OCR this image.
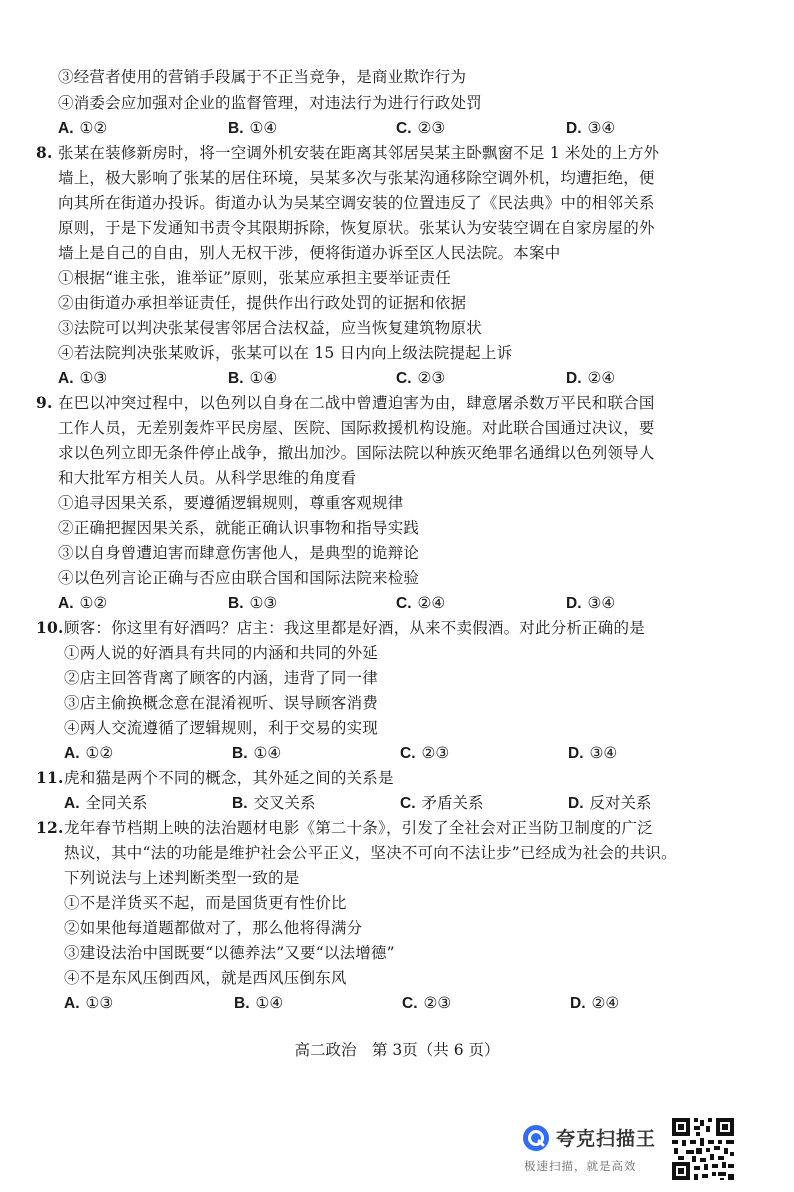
③经营者使用的营销手段属于不正当竞争，是商业欺诈行为
④消委会应加强对企业的监督管理，对违法行为进行行政处罚
A. ①②	B. ①④	C. ②③	D. ③④
8. 张某在装修新房时，将一空调外机安装在距离其邻居吴某主卧飘窗不足 1 米处的上方外
墙上，极大影响了张某的居住环境，吴某多次与张某沟通移除空调外机，均遭拒绝，便
向其所在街道办投诉。街道办认为吴某空调安装的位置违反了《民法典》中的相邻关系
原则，于是下发通知书责令其限期拆除，恢复原状。张某认为安装空调在自家房屋的外
墙上是自己的自由，别人无权干涉，便将街道办诉至区人民法院。本案中
①根据“谁主张，谁举证”原则，张某应承担主要举证责任
②由街道办承担举证责任，提供作出行政处罚的证据和依据
③法院可以判决张某侵害邻居合法权益，应当恢复建筑物原状
④若法院判决张某败诉，张某可以在 15 日内向上级法院提起上诉
A. ①③	B. ①④	C. ②③	D. ②④
9. 在巴以冲突过程中，以色列以自身在二战中曾遭迫害为由，肆意屠杀数万平民和联合国
工作人员，无差别轰炸平民房屋、医院、国际救援机构设施。对此联合国通过决议，要
求以色列立即无条件停止战争，撤出加沙。国际法院以种族灭绝罪名通缉以色列领导人
和大批军方相关人员。从科学思维的角度看
①追寻因果关系，要遵循逻辑规则，尊重客观规律
②正确把握因果关系，就能正确认识事物和指导实践
③以自身曾遭迫害而肆意伤害他人，是典型的诡辩论
④以色列言论正确与否应由联合国和国际法院来检验
A. ①②	B. ①③	C. ②④	D. ③④
10. 顾客：你这里有好酒吗？店主：我这里都是好酒，从来不卖假酒。对此分析正确的是
①两人说的好酒具有共同的内涵和共同的外延
②店主回答背离了顾客的内涵，违背了同一律
③店主偷换概念意在混淆视听、误导顾客消费
④两人交流遵循了逻辑规则，利于交易的实现
A. ①②	B. ①④	C. ②③	D. ③④
11. 虎和猫是两个不同的概念，其外延之间的关系是
A. 全同关系	B. 交叉关系	C. 矛盾关系	D. 反对关系
12. 龙年春节档期上映的法治题材电影《第二十条》，引发了全社会对正当防卫制度的广泛
热议，其中“法的功能是维护社会公平正义，坚决不可向不法让步”已经成为社会的共识。
下列说法与上述判断类型一致的是
①不是洋货买不起，而是国货更有性价比
②如果他每道题都做对了，那么他将得满分
③建设法治中国既要“以德养法”又要“以法增德”
④不是东风压倒西风，就是西风压倒东风
A. ①③	B. ①④	C. ②③	D. ②④
高二政治　第 3页（共 6 页）
夸克扫描王
极速扫描，就是高效
